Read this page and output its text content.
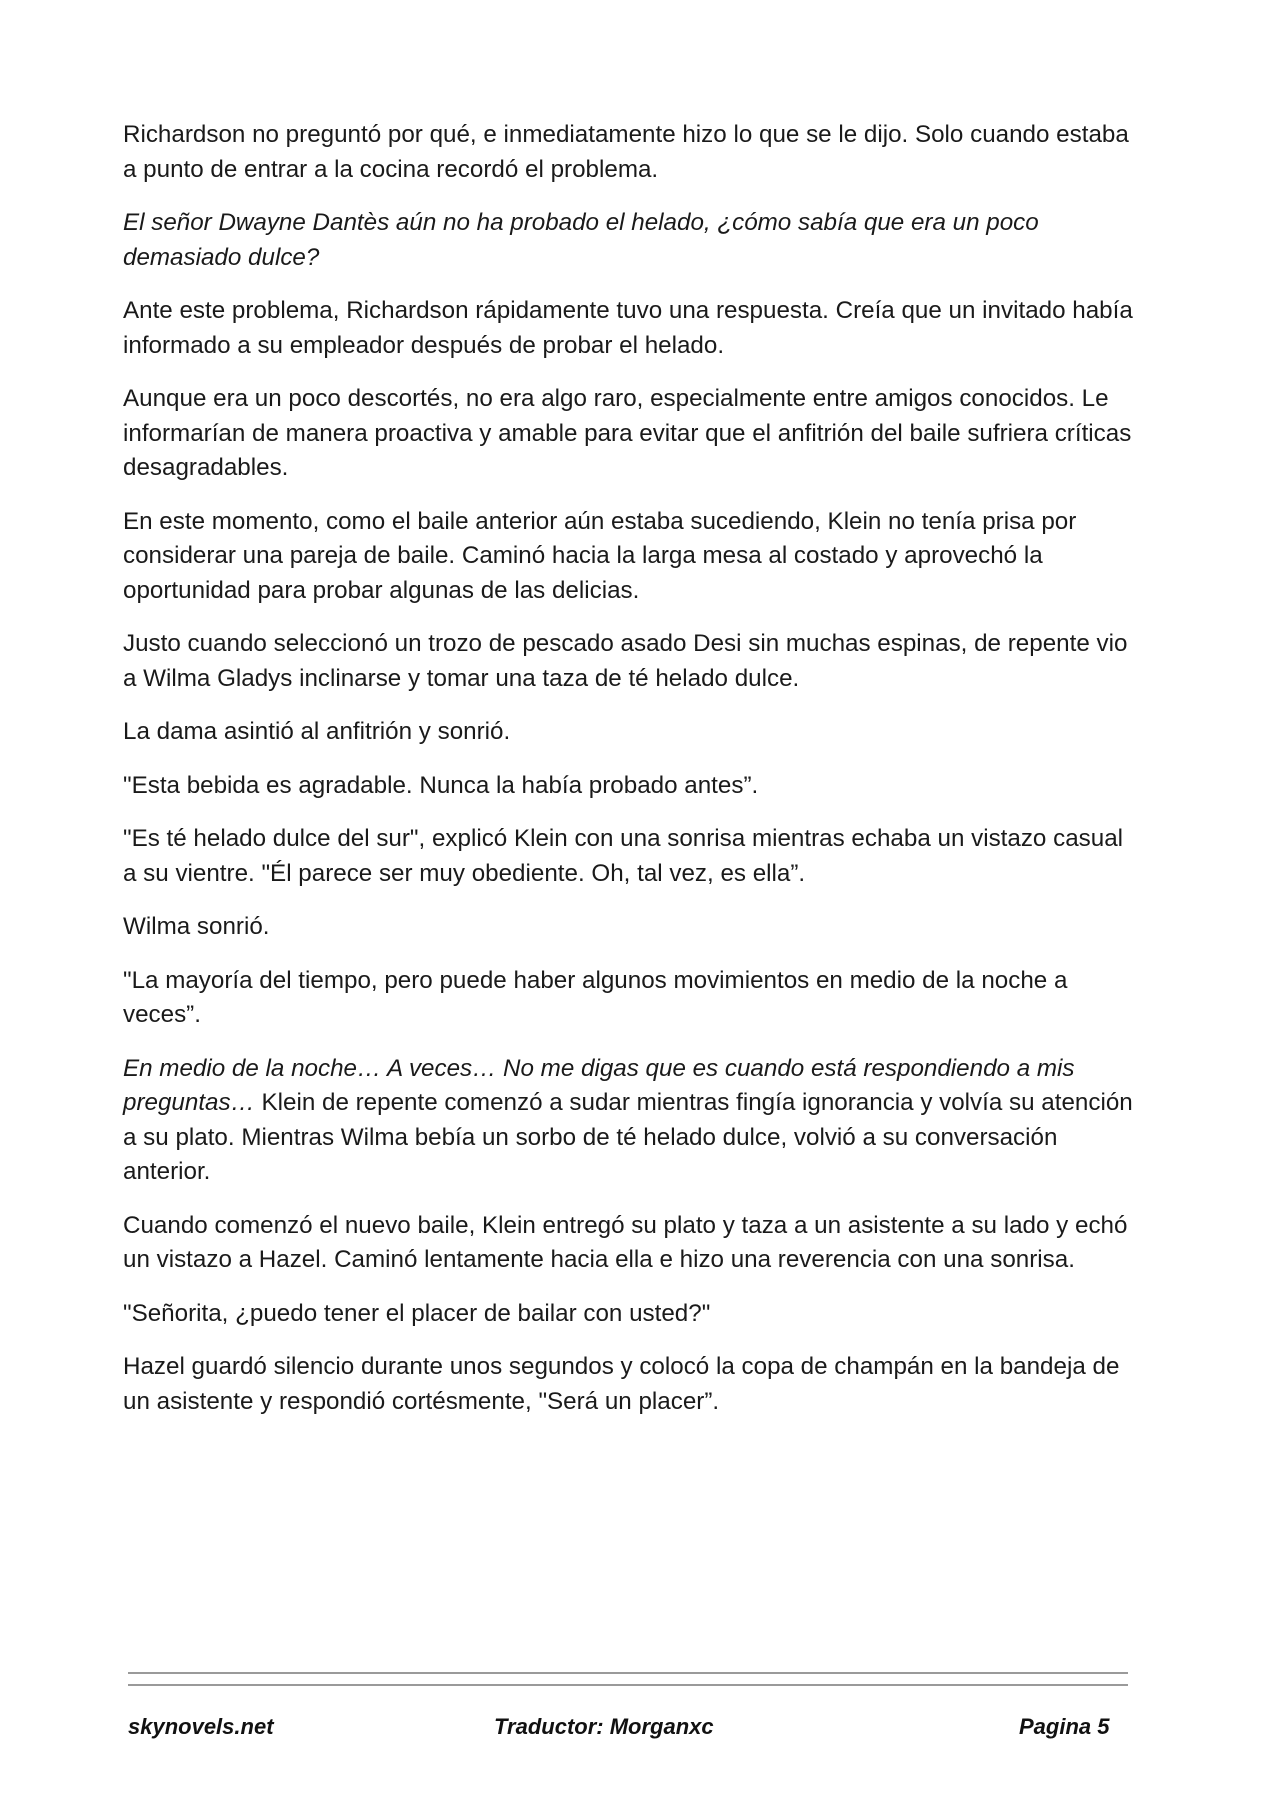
Richardson no preguntó por qué, e inmediatamente hizo lo que se le dijo. Solo cuando estaba a punto de entrar a la cocina recordó el problema.

El señor Dwayne Dantès aún no ha probado el helado, ¿cómo sabía que era un poco demasiado dulce?

Ante este problema, Richardson rápidamente tuvo una respuesta. Creía que un invitado había informado a su empleador después de probar el helado.

Aunque era un poco descortés, no era algo raro, especialmente entre amigos conocidos. Le informarían de manera proactiva y amable para evitar que el anfitrión del baile sufriera críticas desagradables.

En este momento, como el baile anterior aún estaba sucediendo, Klein no tenía prisa por considerar una pareja de baile. Caminó hacia la larga mesa al costado y aprovechó la oportunidad para probar algunas de las delicias.

Justo cuando seleccionó un trozo de pescado asado Desi sin muchas espinas, de repente vio a Wilma Gladys inclinarse y tomar una taza de té helado dulce.

La dama asintió al anfitrión y sonrió.

"Esta bebida es agradable. Nunca la había probado antes”.

"Es té helado dulce del sur", explicó Klein con una sonrisa mientras echaba un vistazo casual a su vientre. "Él parece ser muy obediente. Oh, tal vez, es ella”.

Wilma sonrió.

"La mayoría del tiempo, pero puede haber algunos movimientos en medio de la noche a veces”.

En medio de la noche… A veces… No me digas que es cuando está respondiendo a mis preguntas… Klein de repente comenzó a sudar mientras fingía ignorancia y volvía su atención a su plato. Mientras Wilma bebía un sorbo de té helado dulce, volvió a su conversación anterior.

Cuando comenzó el nuevo baile, Klein entregó su plato y taza a un asistente a su lado y echó un vistazo a Hazel. Caminó lentamente hacia ella e hizo una reverencia con una sonrisa.

"Señorita, ¿puedo tener el placer de bailar con usted?"

Hazel guardó silencio durante unos segundos y colocó la copa de champán en la bandeja de un asistente y respondió cortésmente, "Será un placer”.

skynovels.net	Traductor: Morganxc	Pagina 5
